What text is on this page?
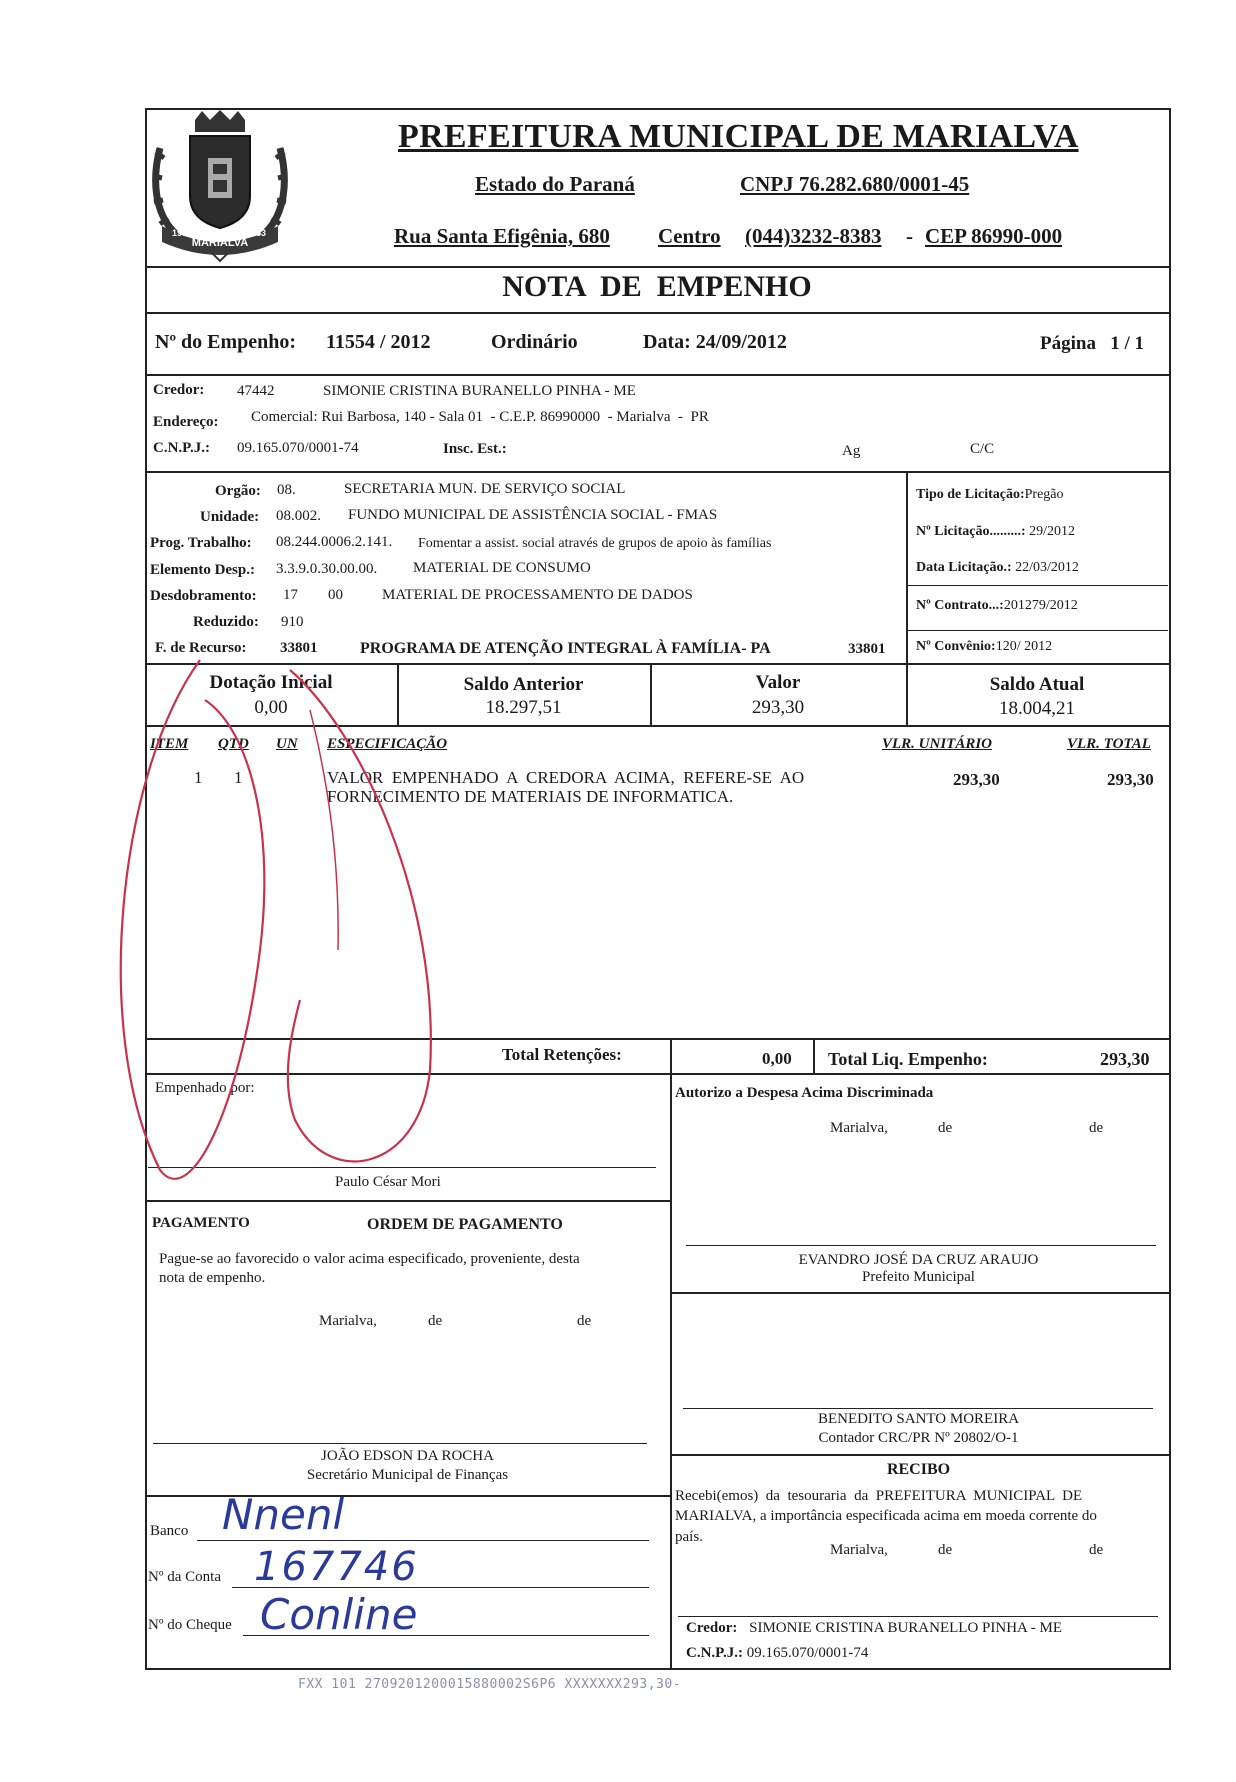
MARIALVA
1951	1953
PREFEITURA MUNICIPAL DE MARIALVA
Estado do Paraná	CNPJ 76.282.680/0001-45
Rua Santa Efigênia, 680 Centro (044)3232-8383 - CEP 86990-000
NOTA  DE  EMPENHO
Nº do Empenho: 11554 / 2012	Ordinário	Data: 24/09/2012	Página   1 / 1
Credor: 47442	SIMONIE CRISTINA BURANELLO PINHA - ME
Endereço: Comercial: Rui Barbosa, 140 - Sala 01  - C.E.P. 86990000  - Marialva  -  PR
C.N.P.J.: 09.165.070/0001-74	Insc. Est.:	Ag	C/C
Orgão: 08.	SECRETARIA MUN. DE SERVIÇO SOCIAL
Unidade: 08.002. FUNDO MUNICIPAL DE ASSISTÊNCIA SOCIAL - FMAS
Prog. Trabalho: 08.244.0006.2.141. Fomentar a assist. social através de grupos de apoio às famílias
Elemento Desp.: 3.3.9.0.30.00.00. MATERIAL DE CONSUMO
Desdobramento: 17 00	MATERIAL DE PROCESSAMENTO DE DADOS
Reduzido: 910
F. de Recurso: 33801	PROGRAMA DE ATENÇÃO INTEGRAL À FAMÍLIA- PA	33801
Tipo de Licitação:Pregão
Nº Licitação.........: 29/2012
Data Licitação.: 22/03/2012
Nº Contrato...:201279/2012
Nº Convênio:120/ 2012
Dotação Inicial
0,00
Saldo Anterior
18.297,51
Valor
293,30
Saldo Atual
18.004,21
ITEM QTD UN ESPECIFICAÇÃO	VLR. UNITÁRIO	VLR. TOTAL
1 1	VALOR  EMPENHADO  A  CREDORA  ACIMA,  REFERE-SE  AO
FORNECIMENTO DE MATERIAIS DE INFORMATICA.
293,30	293,30
Total Retenções:	0,00 Total Liq. Empenho:	293,30
Empenhado por:
Paulo César Mori
Autorizo a Despesa Acima Discriminada
Marialva,	de	de
EVANDRO JOSÉ DA CRUZ ARAUJO
Prefeito Municipal
PAGAMENTO	ORDEM DE PAGAMENTO
Pague-se ao favorecido o valor acima especificado, proveniente, desta
nota de empenho.
Marialva,	de	de
JOÃO EDSON DA ROCHA
Secretário Municipal de Finanças
BENEDITO SANTO MOREIRA
Contador CRC/PR Nº 20802/O-1
RECIBO
Recebi(emos)  da  tesouraria  da  PREFEITURA  MUNICIPAL  DE
MARIALVA, a importância especificada acima em moeda corrente do
país.
Marialva,	de	de
Credor: SIMONIE CRISTINA BURANELLO PINHA - ME
C.N.P.J.: 09.165.070/0001-74
Banco Nnenl
Nº da Conta 167746
Nº do Cheque Conline
FXX 101 2709201200015880002S6P6 XXXXXXX293,30-
